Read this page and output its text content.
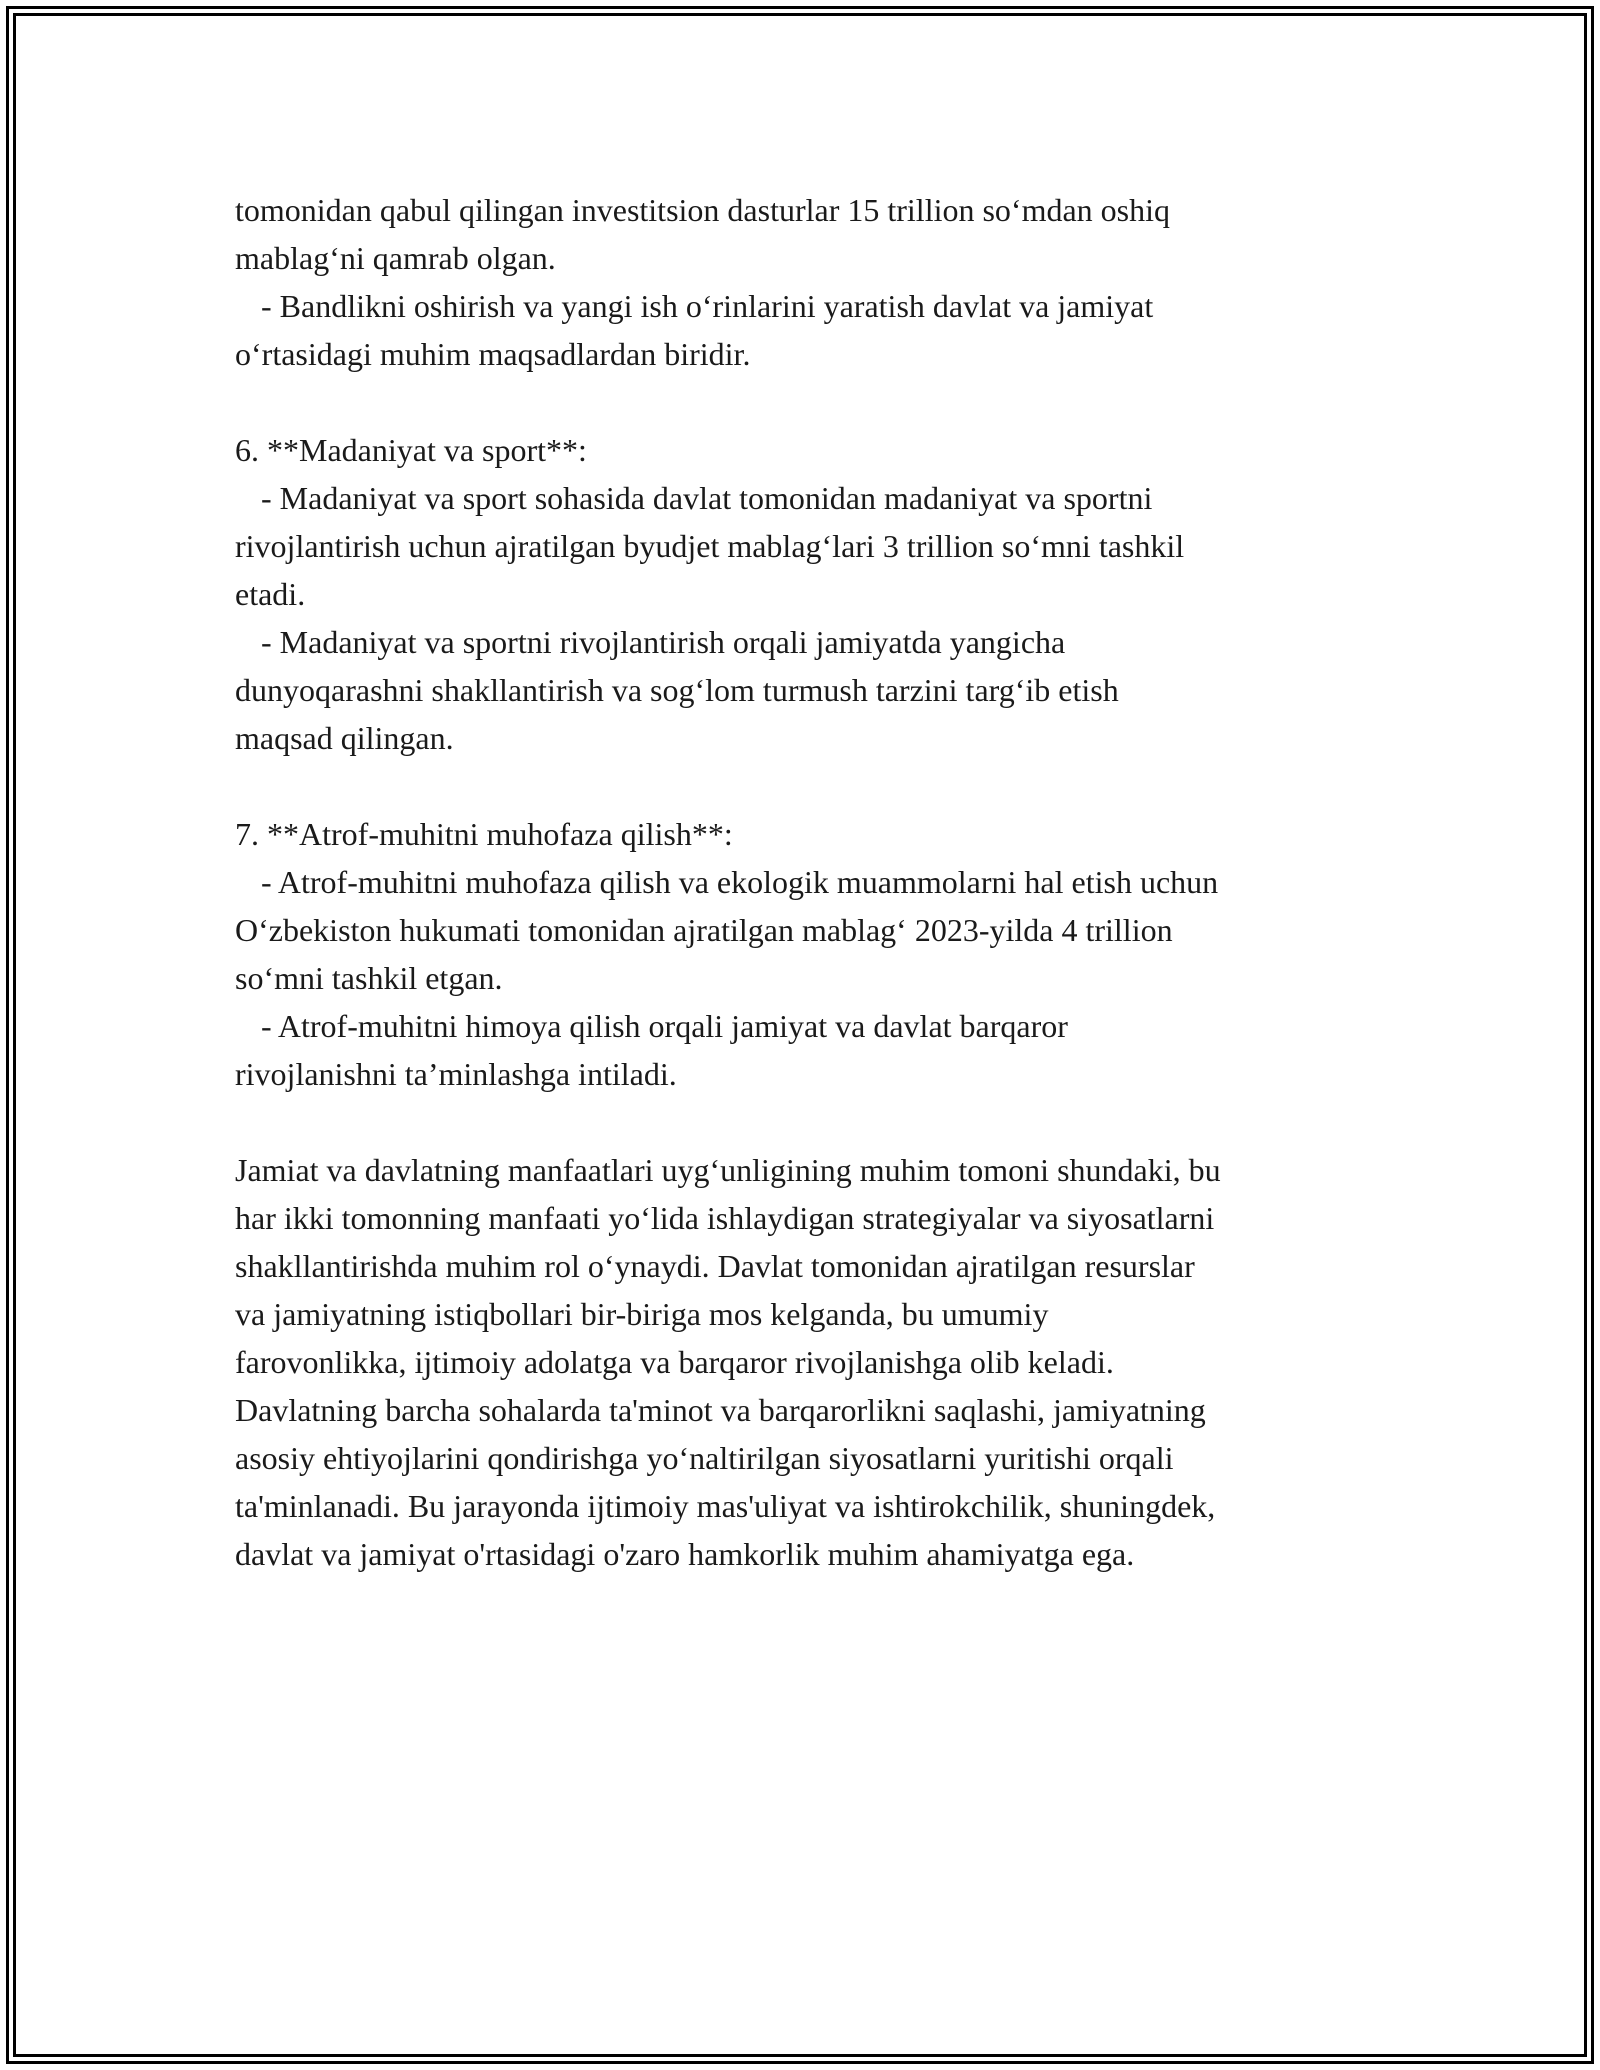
tomonidan qabul qilingan investitsion dasturlar 15 trillion so‘mdan oshiq
mablag‘ni qamrab olgan.
- Bandlikni oshirish va yangi ish o‘rinlarini yaratish davlat va jamiyat
o‘rtasidagi muhim maqsadlardan biridir.
6. **Madaniyat va sport**:
- Madaniyat va sport sohasida davlat tomonidan madaniyat va sportni
rivojlantirish uchun ajratilgan byudjet mablag‘lari 3 trillion so‘mni tashkil
etadi.
- Madaniyat va sportni rivojlantirish orqali jamiyatda yangicha
dunyoqarashni shakllantirish va sog‘lom turmush tarzini targ‘ib etish
maqsad qilingan.
7. **Atrof-muhitni muhofaza qilish**:
- Atrof-muhitni muhofaza qilish va ekologik muammolarni hal etish uchun
O‘zbekiston hukumati tomonidan ajratilgan mablag‘ 2023-yilda 4 trillion
so‘mni tashkil etgan.
- Atrof-muhitni himoya qilish orqali jamiyat va davlat barqaror
rivojlanishni ta’minlashga intiladi.
Jamiat va davlatning manfaatlari uyg‘unligining muhim tomoni shundaki, bu
har ikki tomonning manfaati yo‘lida ishlaydigan strategiyalar va siyosatlarni
shakllantirishda muhim rol o‘ynaydi. Davlat tomonidan ajratilgan resurslar
va jamiyatning istiqbollari bir-biriga mos kelganda, bu umumiy
farovonlikka, ijtimoiy adolatga va barqaror rivojlanishga olib keladi.
Davlatning barcha sohalarda ta'minot va barqarorlikni saqlashi, jamiyatning
asosiy ehtiyojlarini qondirishga yo‘naltirilgan siyosatlarni yuritishi orqali
ta'minlanadi. Bu jarayonda ijtimoiy mas'uliyat va ishtirokchilik, shuningdek,
davlat va jamiyat o'rtasidagi o'zaro hamkorlik muhim ahamiyatga ega.
